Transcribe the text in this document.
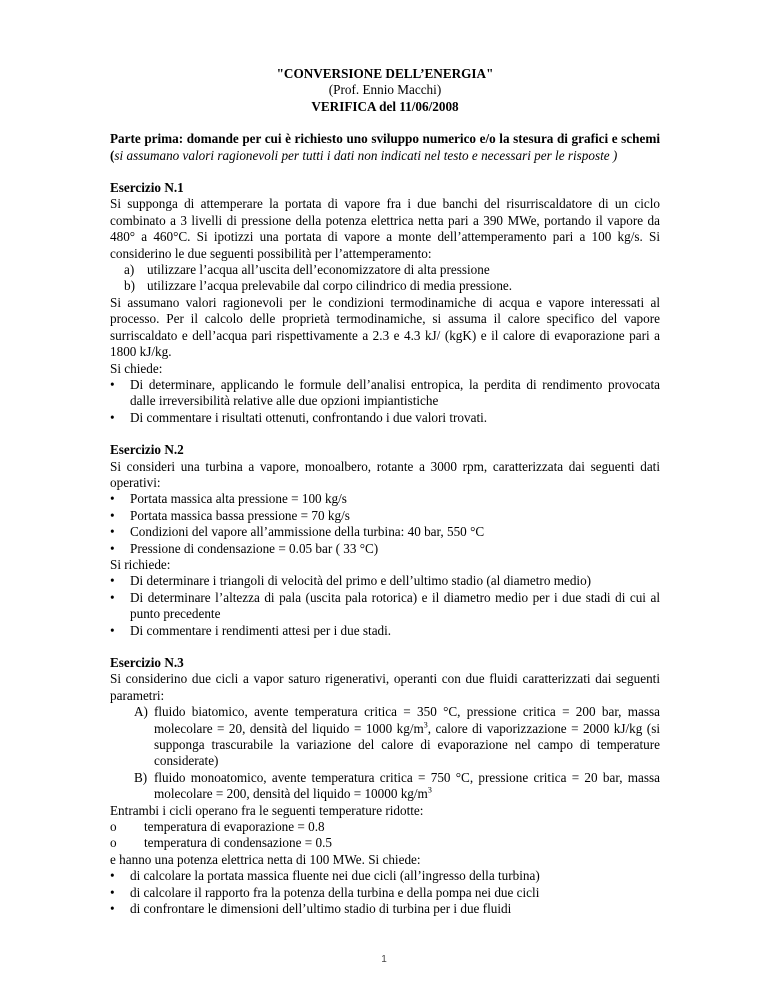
"CONVERSIONE DELL’ENERGIA"
(Prof. Ennio Macchi)
VERIFICA del 11/06/2008
Parte prima: domande per cui è richiesto uno sviluppo numerico e/o la stesura di grafici e schemi (si assumano valori ragionevoli per tutti i dati non indicati nel testo e necessari per le risposte )
Esercizio N.1

Si supponga di attemperare la portata di vapore fra i due banchi del risurriscaldatore di un ciclo combinato a 3 livelli di pressione della potenza elettrica netta pari a 390 MWe, portando il vapore da 480° a 460°C. Si ipotizzi una portata di vapore a monte dell’attemperamento pari a 100 kg/s. Si considerino le due seguenti possibilità per l’attemperamento:

a) utilizzare l’acqua all’uscita dell’economizzatore di alta pressione
b) utilizzare l’acqua prelevabile dal corpo cilindrico di media pressione.

Si assumano valori ragionevoli per le condizioni termodinamiche di acqua e vapore interessati al processo. Per il calcolo delle proprietà termodinamiche, si assuma il calore specifico del vapore surriscaldato e dell’acqua pari rispettivamente a 2.3 e 4.3 kJ/ (kgK) e il calore di evaporazione pari a 1800 kJ/kg.

Si chiede:

•
Di determinare, applicando le formule dell’analisi entropica, la perdita di rendimento provocata dalle irreversibilità relative alle due opzioni impiantistiche
•
Di commentare i risultati ottenuti, confrontando i due valori trovati.
Esercizio N.2

Si consideri una turbina a vapore, monoalbero, rotante a 3000 rpm, caratterizzata dai seguenti dati operativi:

•
Portata massica alta pressione = 100 kg/s
•
Portata massica bassa pressione = 70 kg/s
•
Condizioni del vapore all’ammissione della turbina: 40 bar, 550 °C
•
Pressione di condensazione = 0.05 bar ( 33 °C)

Si richiede:

•
Di determinare i triangoli di velocità del primo e dell’ultimo stadio (al diametro medio)
•
Di determinare l’altezza di pala (uscita pala rotorica) e il diametro medio per i due stadi di cui al punto precedente
•
Di commentare i rendimenti attesi per i due stadi.
Esercizio N.3

Si considerino due cicli a vapor saturo rigenerativi, operanti con due fluidi caratterizzati dai seguenti parametri:

A) fluido biatomico, avente temperatura critica = 350 °C, pressione critica = 200 bar, massa molecolare = 20, densità del liquido = 1000 $kg/m^3$, calore di vaporizzazione = 2000 kJ/kg (si supponga trascurabile la variazione del calore di evaporazione nel campo di temperature considerate)
B) fluido monoatomico, avente temperatura critica = 750 °C, pressione critica = 20 bar, massa molecolare = 200, densità del liquido = 10000 $kg/m^3$

Entrambi i cicli operano fra le seguenti temperature ridotte:

o temperatura di evaporazione = 0.8
o temperatura di condensazione = 0.5

e hanno una potenza elettrica netta di 100 MWe. Si chiede:

•
di calcolare la portata massica fluente nei due cicli (all’ingresso della turbina)
•
di calcolare il rapporto fra la potenza della turbina e della pompa nei due cicli
•
di confrontare le dimensioni dell’ultimo stadio di turbina per i due fluidi
1
